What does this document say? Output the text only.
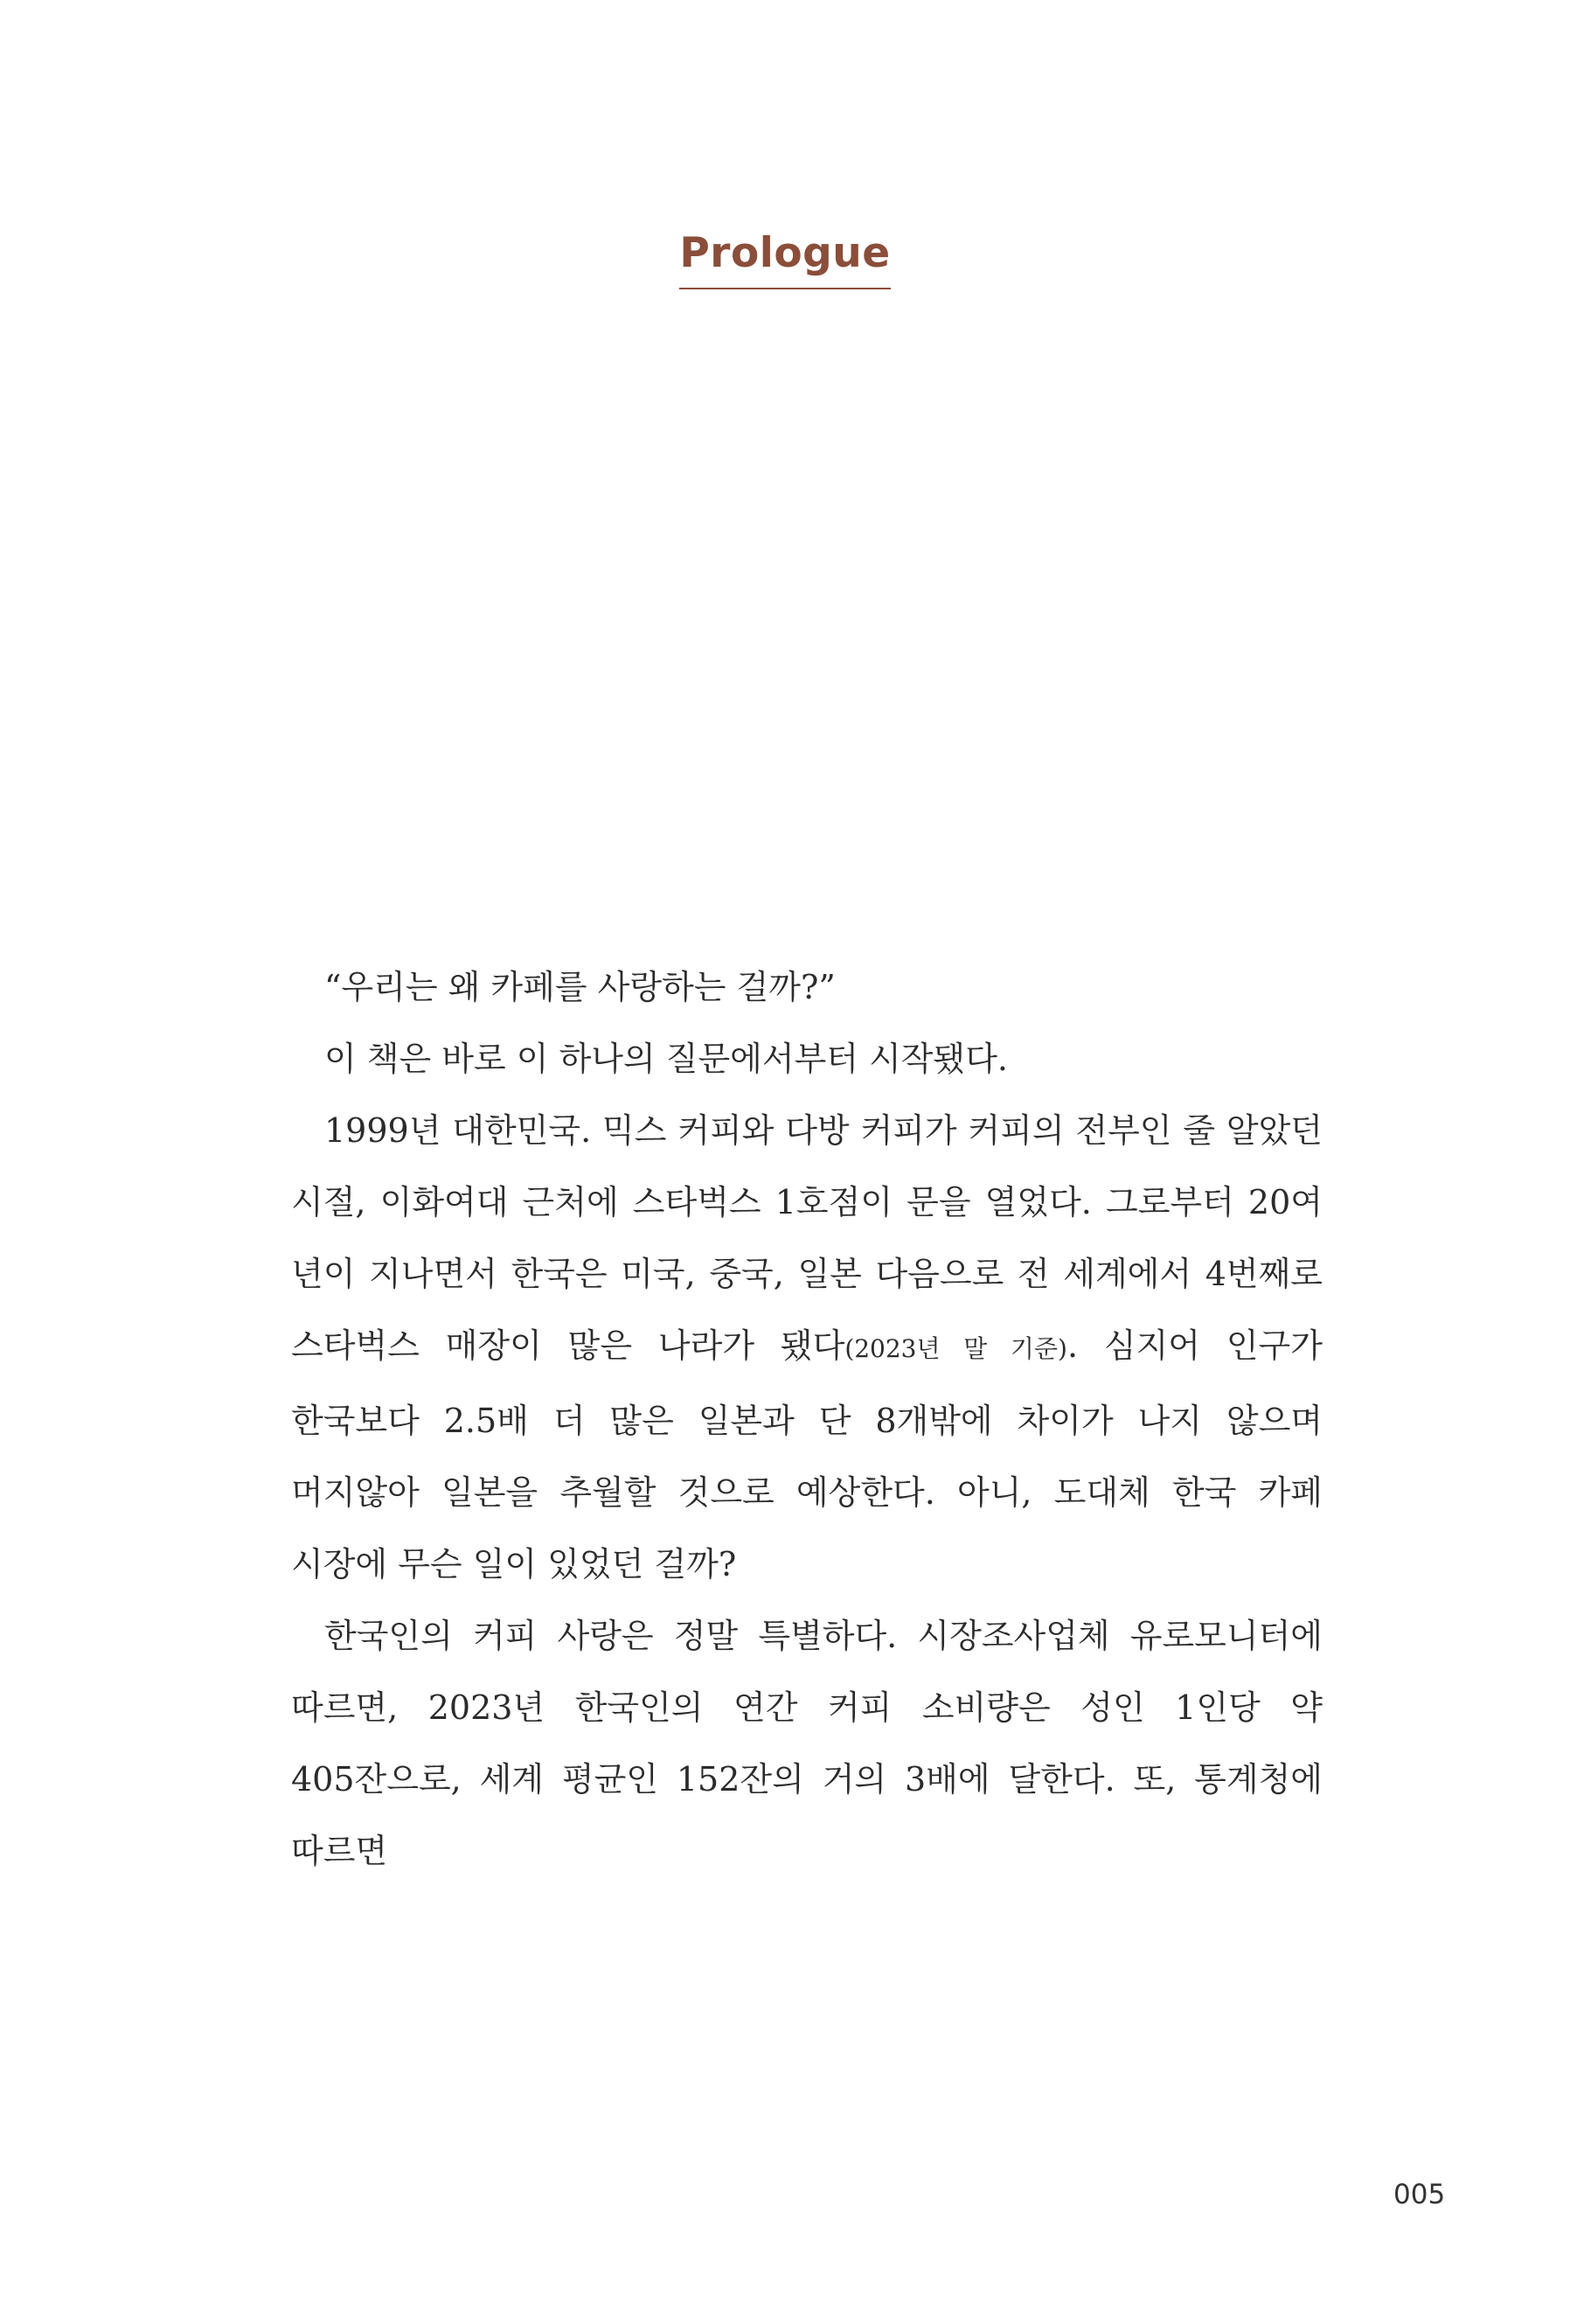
Prologue

“우리는 왜 카페를 사랑하는 걸까?”

이 책은 바로 이 하나의 질문에서부터 시작됐다.

1999년 대한민국. 믹스 커피와 다방 커피가 커피의 전부인 줄 알았던 시절, 이화여대 근처에 스타벅스 1호점이 문을 열었다. 그로부터 20여 년이 지나면서 한국은 미국, 중국, 일본 다음으로 전 세계에서 4번째로 스타벅스 매장이 많은 나라가 됐다(2023년 말 기준). 심지어 인구가 한국보다 2.5배 더 많은 일본과 단 8개밖에 차이가 나지 않으며 머지않아 일본을 추월할 것으로 예상한다. 아니, 도대체 한국 카페 시장에 무슨 일이 있었던 걸까?

한국인의 커피 사랑은 정말 특별하다. 시장조사업체 유로모니터에 따르면, 2023년 한국인의 연간 커피 소비량은 성인 1인당 약 405잔으로, 세계 평균인 152잔의 거의 3배에 달한다. 또, 통계청에 따르면

005
